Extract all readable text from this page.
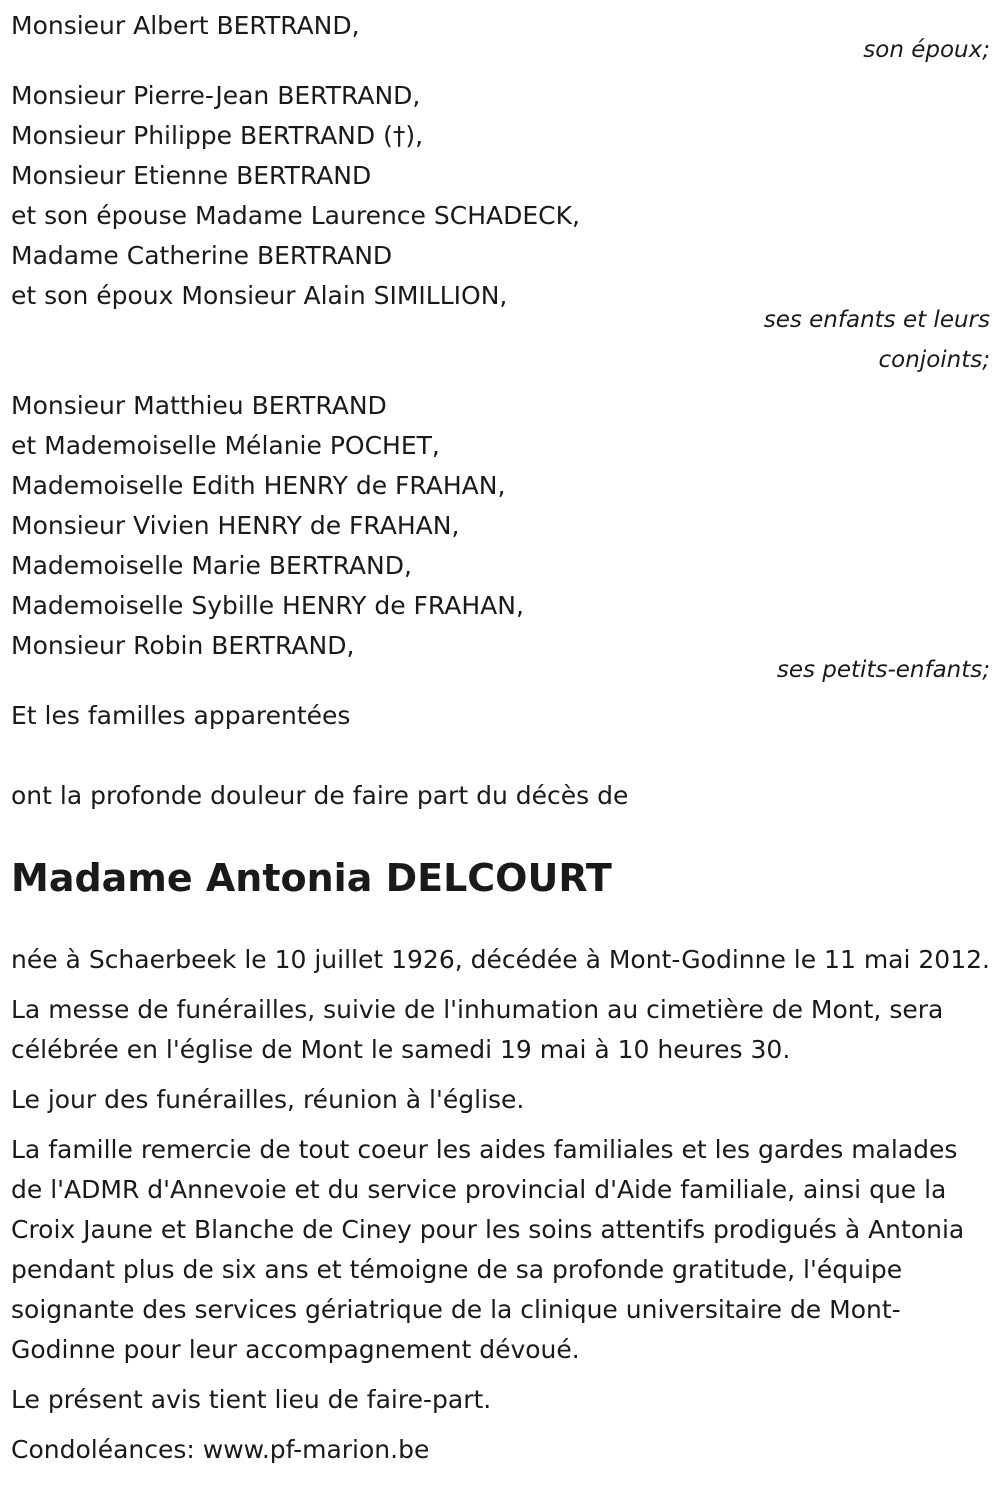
Monsieur Albert BERTRAND,
son époux;
Monsieur Pierre-Jean BERTRAND,
Monsieur Philippe BERTRAND (†),
Monsieur Etienne BERTRAND
et son épouse Madame Laurence SCHADECK,
Madame Catherine BERTRAND
et son époux Monsieur Alain SIMILLION,
ses enfants et leurs
conjoints;
Monsieur Matthieu BERTRAND
et Mademoiselle Mélanie POCHET,
Mademoiselle Edith HENRY de FRAHAN,
Monsieur Vivien HENRY de FRAHAN,
Mademoiselle Marie BERTRAND,
Mademoiselle Sybille HENRY de FRAHAN,
Monsieur Robin BERTRAND,
ses petits-enfants;
Et les familles apparentées
ont la profonde douleur de faire part du décès de
Madame Antonia DELCOURT
née à Schaerbeek le 10 juillet 1926, décédée à Mont-Godinne le 11 mai 2012.
La messe de funérailles, suivie de l'inhumation au cimetière de Mont, sera célébrée en l'église de Mont le samedi 19 mai à 10 heures 30.
Le jour des funérailles, réunion à l'église.
La famille remercie de tout coeur les aides familiales et les gardes malades de l'ADMR d'Annevoie et du service provincial d'Aide familiale, ainsi que la Croix Jaune et Blanche de Ciney pour les soins attentifs prodigués à Antonia pendant plus de six ans et témoigne de sa profonde gratitude, l'équipe soignante des services gériatrique de la clinique universitaire de Mont-Godinne pour leur accompagnement dévoué.
Le présent avis tient lieu de faire-part.
Condoléances: www.pf-marion.be
